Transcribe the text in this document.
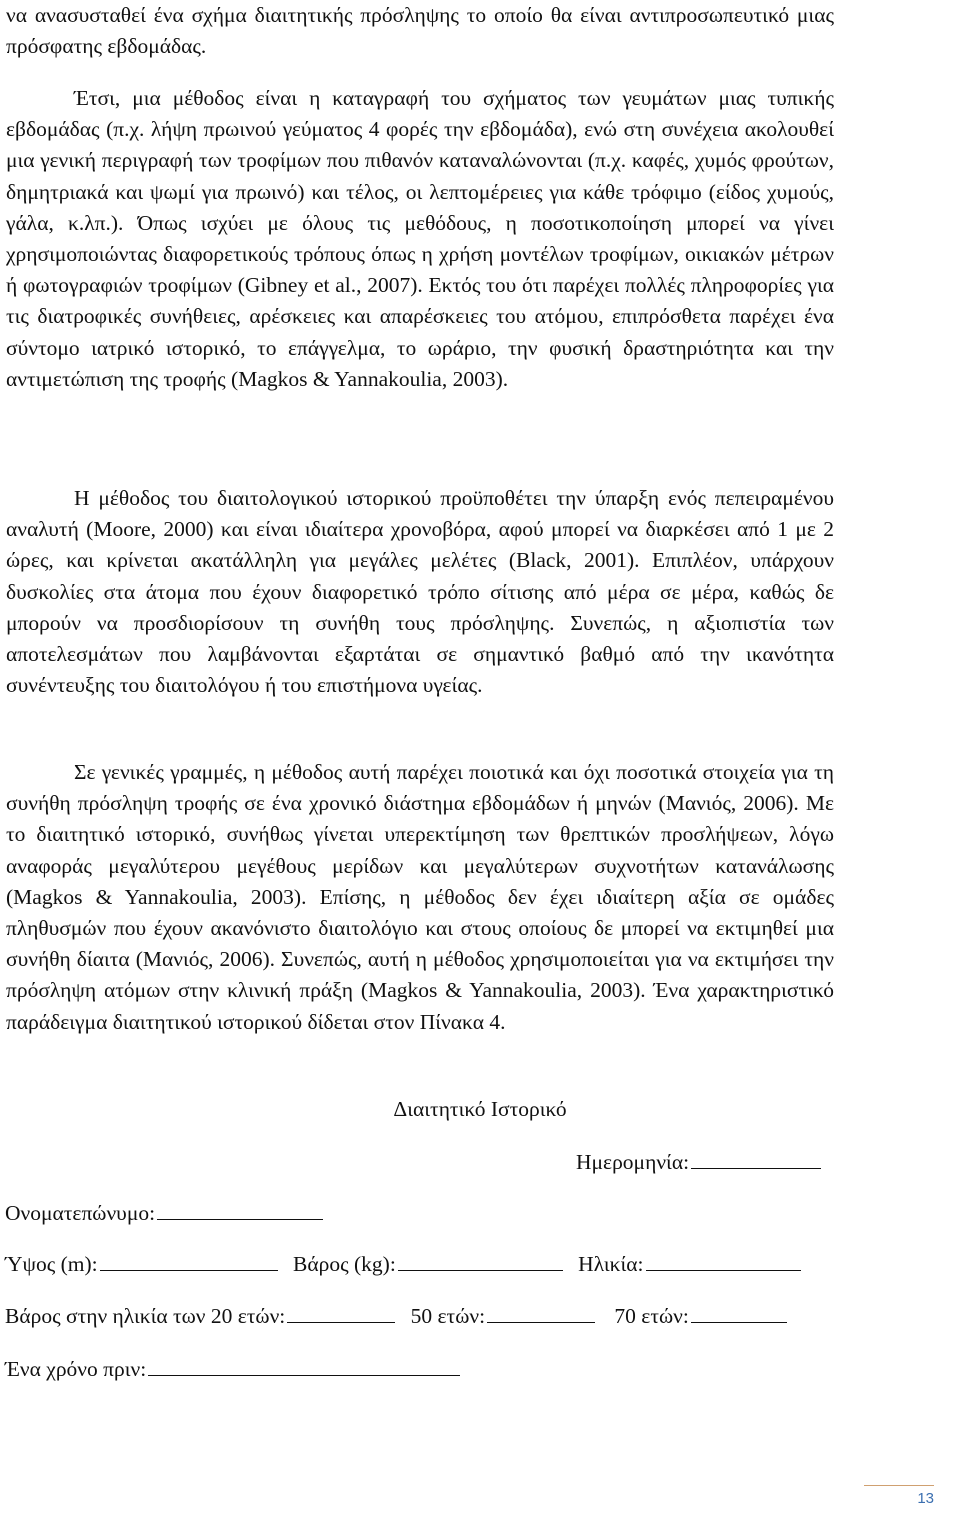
να ανασυσταθεί ένα σχήμα διαιτητικής πρόσληψης το οποίο θα είναι αντιπροσωπευτικό μιας πρόσφατης εβδομάδας.

Έτσι, μια μέθοδος είναι η καταγραφή του σχήματος των γευμάτων μιας τυπικής εβδομάδας (π.χ. λήψη πρωινού γεύματος 4 φορές την εβδομάδα), ενώ στη συνέχεια ακολουθεί μια γενική περιγραφή των τροφίμων που πιθανόν καταναλώνονται (π.χ. καφές, χυμός φρούτων, δημητριακά και ψωμί για πρωινό) και τέλος, οι λεπτομέρειες για κάθε τρόφιμο (είδος χυμούς, γάλα, κ.λπ.). Όπως ισχύει με όλους τις μεθόδους, η ποσοτικοποίηση μπορεί να γίνει χρησιμοποιώντας διαφορετικούς τρόπους όπως η χρήση μοντέλων τροφίμων, οικιακών μέτρων ή φωτογραφιών τροφίμων (Gibney et al., 2007). Εκτός του ότι παρέχει πολλές πληροφορίες για τις διατροφικές συνήθειες, αρέσκειες και απαρέσκειες του ατόμου, επιπρόσθετα παρέχει ένα σύντομο ιατρικό ιστορικό, το επάγγελμα, το ωράριο, την φυσική δραστηριότητα και την αντιμετώπιση της τροφής (Magkos & Yannakoulia, 2003).

Η μέθοδος του διαιτολογικού ιστορικού προϋποθέτει την ύπαρξη ενός πεπειραμένου αναλυτή (Moore, 2000) και είναι ιδιαίτερα χρονοβόρα, αφού μπορεί να διαρκέσει από 1 με 2 ώρες, και κρίνεται ακατάλληλη για μεγάλες μελέτες (Black, 2001). Επιπλέον, υπάρχουν δυσκολίες στα άτομα που έχουν διαφορετικό τρόπο σίτισης από μέρα σε μέρα, καθώς δε μπορούν να προσδιορίσουν τη συνήθη τους πρόσληψης. Συνεπώς, η αξιοπιστία των αποτελεσμάτων που λαμβάνονται εξαρτάται σε σημαντικό βαθμό από την ικανότητα συνέντευξης του διαιτολόγου ή του επιστήμονα υγείας.

Σε γενικές γραμμές, η μέθοδος αυτή παρέχει ποιοτικά και όχι ποσοτικά στοιχεία για τη συνήθη πρόσληψη τροφής σε ένα χρονικό διάστημα εβδομάδων ή μηνών (Μανιός, 2006). Με το διαιτητικό ιστορικό, συνήθως γίνεται υπερεκτίμηση των θρεπτικών προσλήψεων, λόγω αναφοράς μεγαλύτερου μεγέθους μερίδων και μεγαλύτερων συχνοτήτων κατανάλωσης (Magkos & Yannakoulia, 2003). Επίσης, η μέθοδος δεν έχει ιδιαίτερη αξία σε ομάδες πληθυσμών που έχουν ακανόνιστο διαιτολόγιο και στους οποίους δε μπορεί να εκτιμηθεί μια συνήθη δίαιτα (Μανιός, 2006). Συνεπώς, αυτή η μέθοδος χρησιμοποιείται για να εκτιμήσει την πρόσληψη ατόμων στην κλινική πράξη (Magkos & Yannakoulia, 2003). Ένα χαρακτηριστικό παράδειγμα διαιτητικού ιστορικού δίδεται στον Πίνακα 4.

Διαιτητικό Ιστορικό
Ημερομηνία:
Ονοματεπώνυμο:
Ύψος (m):	Βάρος (kg):	Ηλικία:
Βάρος στην ηλικία των 20 ετών:	50 ετών:	70 ετών:
Ένα χρόνο πριν:
13
